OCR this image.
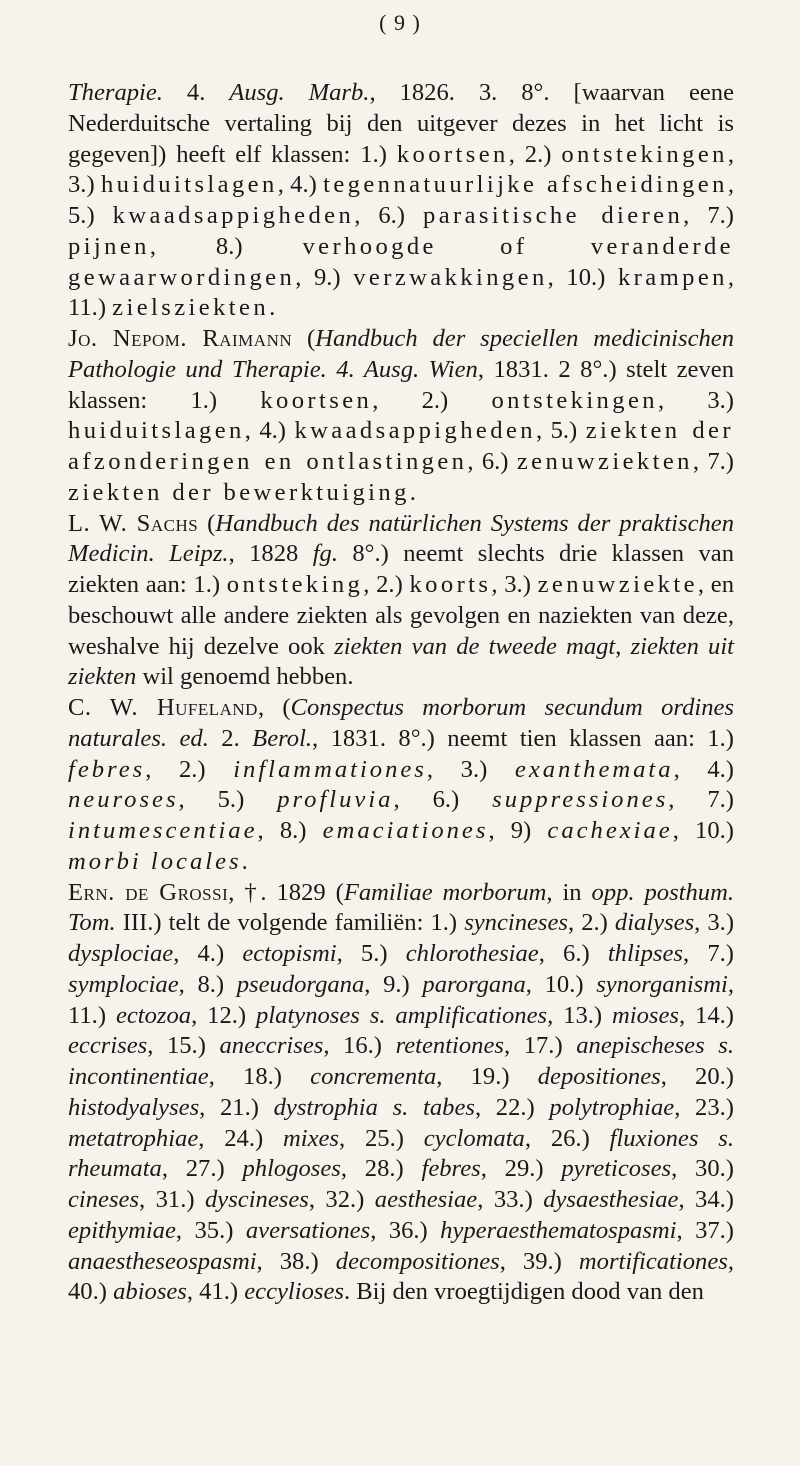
( 9 )

Therapie. 4. Ausg. Marb., 1826. 3. 8°. [waarvan eene Nederduitsche vertaling bij den uitgever dezes in het licht is gegeven]) heeft elf klassen: 1.) koortsen, 2.) ontstekingen, 3.) huiduitslagen, 4.) tegennatuurlijke afscheidingen, 5.) kwaadsappigheden, 6.) parasitische dieren, 7.) pijnen, 8.) verhoogde of veranderde gewaarwordingen, 9.) verzwakkingen, 10.) krampen, 11.) zielsziekten.

Jo. Nepom. Raimann (Handbuch der speciellen medicinischen Pathologie und Therapie. 4. Ausg. Wien, 1831. 2 8°.) stelt zeven klassen: 1.) koortsen, 2.) ontstekingen, 3.) huiduitslagen, 4.) kwaadsappigheden, 5.) ziekten der afzonderingen en ontlastingen, 6.) zenuwziekten, 7.) ziekten der bewerktuiging.

L. W. Sachs (Handbuch des natürlichen Systems der praktischen Medicin. Leipz., 1828 fg. 8°.) neemt slechts drie klassen van ziekten aan: 1.) ontsteking, 2.) koorts, 3.) zenuwziekte, en beschouwt alle andere ziekten als gevolgen en naziekten van deze, weshalve hij dezelve ook ziekten van de tweede magt, ziekten uit ziekten wil genoemd hebben.

C. W. Hufeland, (Conspectus morborum secundum ordines naturales. ed. 2. Berol., 1831. 8°.) neemt tien klassen aan: 1.) febres, 2.) inflammationes, 3.) exanthemata, 4.) neuroses, 5.) profluvia, 6.) suppressiones, 7.) intumescentiae, 8.) emaciationes, 9) cachexiae, 10.) morbi locales.

Ern. de Grossi, †. 1829 (Familiae morborum, in opp. posthum. Tom. III.) telt de volgende familiën: 1.) syncineses, 2.) dialyses, 3.) dysplociae, 4.) ectopismi, 5.) chlorothesiae, 6.) thlipses, 7.) symplociae, 8.) pseudorgana, 9.) parorgana, 10.) synorganismi, 11.) ectozoa, 12.) platynoses s. amplificationes, 13.) mioses, 14.) eccrises, 15.) aneccrises, 16.) retentiones, 17.) anepischeses s. incontinentiae, 18.) concrementa, 19.) depositiones, 20.) histodyalyses, 21.) dystrophia s. tabes, 22.) polytrophiae, 23.) metatrophiae, 24.) mixes, 25.) cyclomata, 26.) fluxiones s. rheumata, 27.) phlogoses, 28.) febres, 29.) pyreticoses, 30.) cineses, 31.) dyscineses, 32.) aesthesiae, 33.) dysaesthesiae, 34.) epithymiae, 35.) aversationes, 36.) hyperaesthematospasmi, 37.) anaestheseospasmi, 38.) decompositiones, 39.) mortificationes, 40.) abioses, 41.) eccylioses. Bij den vroegtijdigen dood van den
